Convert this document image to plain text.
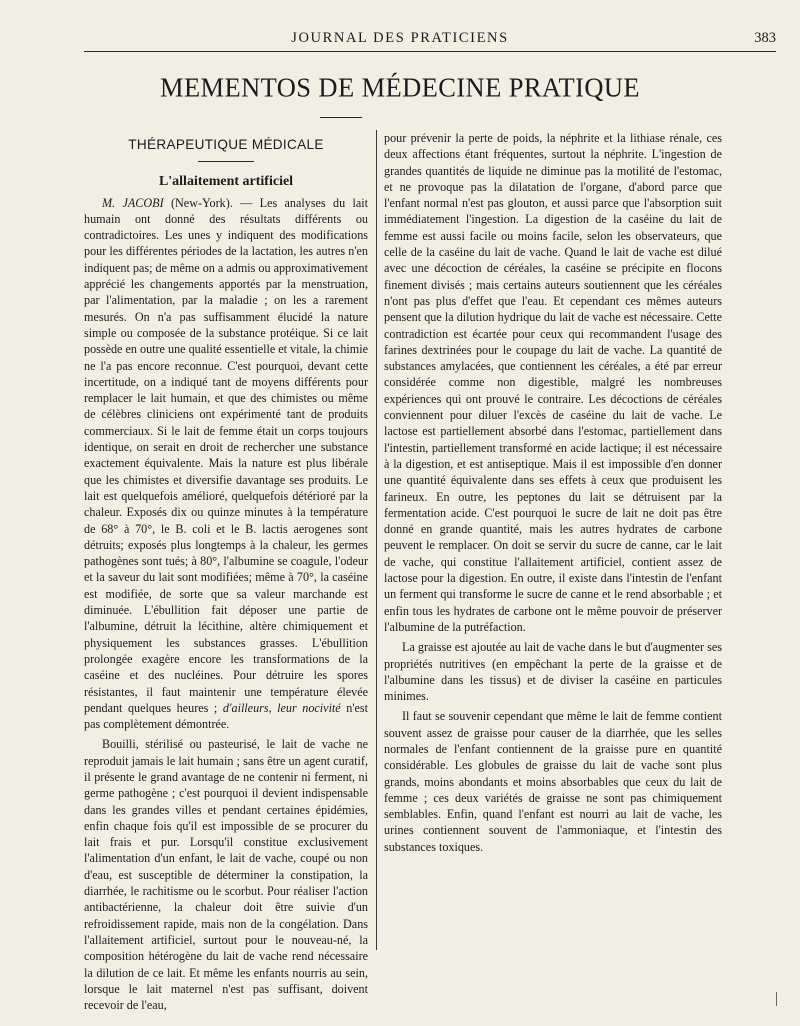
JOURNAL DES PRATICIENS	383
MEMENTOS DE MÉDECINE PRATIQUE
THÉRAPEUTIQUE MÉDICALE
L'allaitement artificiel

M. JACOBI (New-York). — Les analyses du lait humain ont donné des résultats différents ou contradictoires. Les unes y indiquent des modifications pour les différentes périodes de la lactation, les autres n'en indiquent pas; de même on a admis ou approximativement apprécié les changements apportés par la menstruation, par l'alimentation, par la maladie ; on les a rarement mesurés. On n'a pas suffisamment élucidé la nature simple ou composée de la substance protéique. Si ce lait possède en outre une qualité essentielle et vitale, la chimie ne l'a pas encore reconnue. C'est pourquoi, devant cette incertitude, on a indiqué tant de moyens différents pour remplacer le lait humain, et que des chimistes ou même de célèbres cliniciens ont expérimenté tant de produits commerciaux. Si le lait de femme était un corps toujours identique, on serait en droit de rechercher une substance exactement équivalente. Mais la nature est plus libérale que les chimistes et diversifie davantage ses produits. Le lait est quelquefois amélioré, quelquefois détérioré par la chaleur. Exposés dix ou quinze minutes à la température de 68° à 70°, le B. coli et le B. lactis aerogenes sont détruits; exposés plus longtemps à la chaleur, les germes pathogènes sont tués; à 80°, l'albumine se coagule, l'odeur et la saveur du lait sont modifiées; même à 70°, la caséine est modifiée, de sorte que sa valeur marchande est diminuée. L'ébullition fait déposer une partie de l'albumine, détruit la lécithine, altère chimiquement et physiquement les substances grasses. L'ébullition prolongée exagère encore les transformations de la caséine et des nucléines. Pour détruire les spores résistantes, il faut maintenir une température élevée pendant quelques heures ; d'ailleurs, leur nocivité n'est pas complètement démontrée.

Bouilli, stérilisé ou pasteurisé, le lait de vache ne reproduit jamais le lait humain ; sans être un agent curatif, il présente le grand avantage de ne contenir ni ferment, ni germe pathogène ; c'est pourquoi il devient indispensable dans les grandes villes et pendant certaines épidémies, enfin chaque fois qu'il est impossible de se procurer du lait frais et pur. Lorsqu'il constitue exclusivement l'alimentation d'un enfant, le lait de vache, coupé ou non d'eau, est susceptible de déterminer la constipation, la diarrhée, le rachitisme ou le scorbut. Pour réaliser l'action antibactérienne, la chaleur doit être suivie d'un refroidissement rapide, mais non de la congélation. Dans l'allaitement artificiel, surtout pour le nouveau-né, la composition hétérogène du lait de vache rend nécessaire la dilution de ce lait. Et même les enfants nourris au sein, lorsque le lait maternel n'est pas suffisant, doivent recevoir de l'eau,

pour prévenir la perte de poids, la néphrite et la lithiase rénale, ces deux affections étant fréquentes, surtout la néphrite. L'ingestion de grandes quantités de liquide ne diminue pas la motilité de l'estomac, et ne provoque pas la dilatation de l'organe, d'abord parce que l'enfant normal n'est pas glouton, et aussi parce que l'absorption suit immédiatement l'ingestion. La digestion de la caséine du lait de femme est aussi facile ou moins facile, selon les observateurs, que celle de la caséine du lait de vache. Quand le lait de vache est dilué avec une décoction de céréales, la caséine se précipite en flocons finement divisés ; mais certains auteurs soutiennent que les céréales n'ont pas plus d'effet que l'eau. Et cependant ces mêmes auteurs pensent que la dilution hydrique du lait de vache est nécessaire. Cette contradiction est écartée pour ceux qui recommandent l'usage des farines dextrinées pour le coupage du lait de vache. La quantité de substances amylacées, que contiennent les céréales, a été par erreur considérée comme non digestible, malgré les nombreuses expériences qui ont prouvé le contraire. Les décoctions de céréales conviennent pour diluer l'excès de caséine du lait de vache. Le lactose est partiellement absorbé dans l'estomac, partiellement dans l'intestin, partiellement transformé en acide lactique; il est nécessaire à la digestion, et est antiseptique. Mais il est impossible d'en donner une quantité équivalente dans ses effets à ceux que produisent les farineux. En outre, les peptones du lait se détruisent par la fermentation acide. C'est pourquoi le sucre de lait ne doit pas être donné en grande quantité, mais les autres hydrates de carbone peuvent le remplacer. On doit se servir du sucre de canne, car le lait de vache, qui constitue l'allaitement artificiel, contient assez de lactose pour la digestion. En outre, il existe dans l'intestin de l'enfant un ferment qui transforme le sucre de canne et le rend absorbable ; et enfin tous les hydrates de carbone ont le même pouvoir de préserver l'albumine de la putréfaction.

La graisse est ajoutée au lait de vache dans le but d'augmenter ses propriétés nutritives (en empêchant la perte de la graisse et de l'albumine dans les tissus) et de diviser la caséine en particules minimes.

Il faut se souvenir cependant que même le lait de femme contient souvent assez de graisse pour causer de la diarrhée, que les selles normales de l'enfant contiennent de la graisse pure en quantité considérable. Les globules de graisse du lait de vache sont plus grands, moins abondants et moins absorbables que ceux du lait de femme ; ces deux variétés de graisse ne sont pas chimiquement semblables. Enfin, quand l'enfant est nourri au lait de vache, les urines contiennent souvent de l'ammoniaque, et l'intestin des substances toxiques.
